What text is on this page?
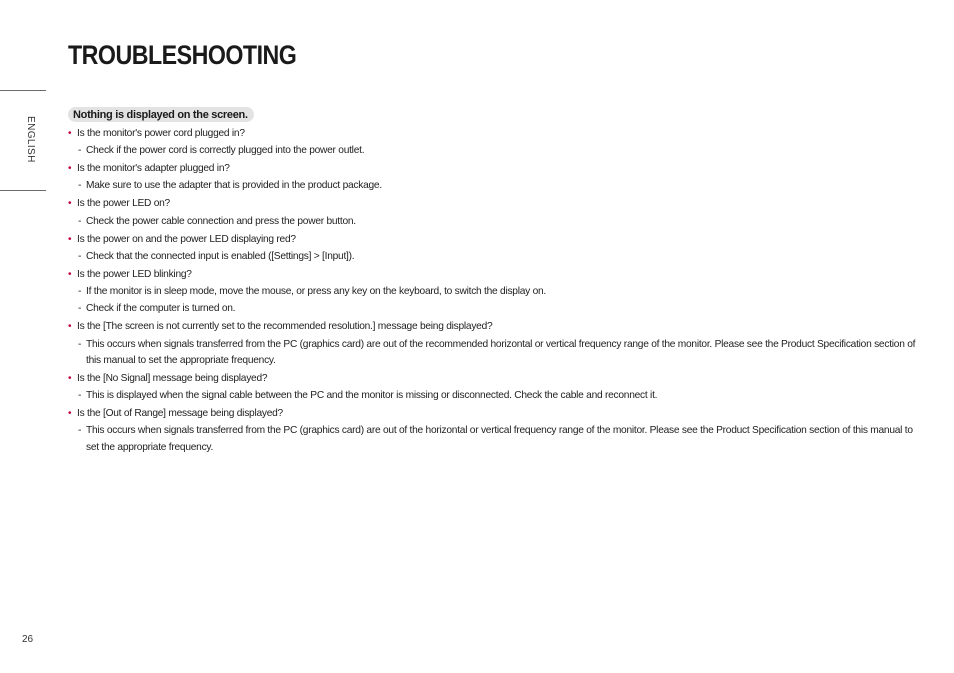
TROUBLESHOOTING
ENGLISH
Nothing is displayed on the screen.
• Is the monitor's power cord plugged in?
- Check if the power cord is correctly plugged into the power outlet.
• Is the monitor's adapter plugged in?
- Make sure to use the adapter that is provided in the product package.
• Is the power LED on?
- Check the power cable connection and press the power button.
• Is the power on and the power LED displaying red?
- Check that the connected input is enabled ([Settings] > [Input]).
• Is the power LED blinking?
- If the monitor is in sleep mode, move the mouse, or press any key on the keyboard, to switch the display on.
- Check if the computer is turned on.
• Is the [The screen is not currently set to the recommended resolution.] message being displayed?
- This occurs when signals transferred from the PC (graphics card) are out of the recommended horizontal or vertical frequency range of the monitor. Please see the Product Specification section of this manual to set the appropriate frequency.
• Is the [No Signal] message being displayed?
- This is displayed when the signal cable between the PC and the monitor is missing or disconnected. Check the cable and reconnect it.
• Is the [Out of Range] message being displayed?
- This occurs when signals transferred from the PC (graphics card) are out of the horizontal or vertical frequency range of the monitor. Please see the Product Specification section of this manual to set the appropriate frequency.
26
